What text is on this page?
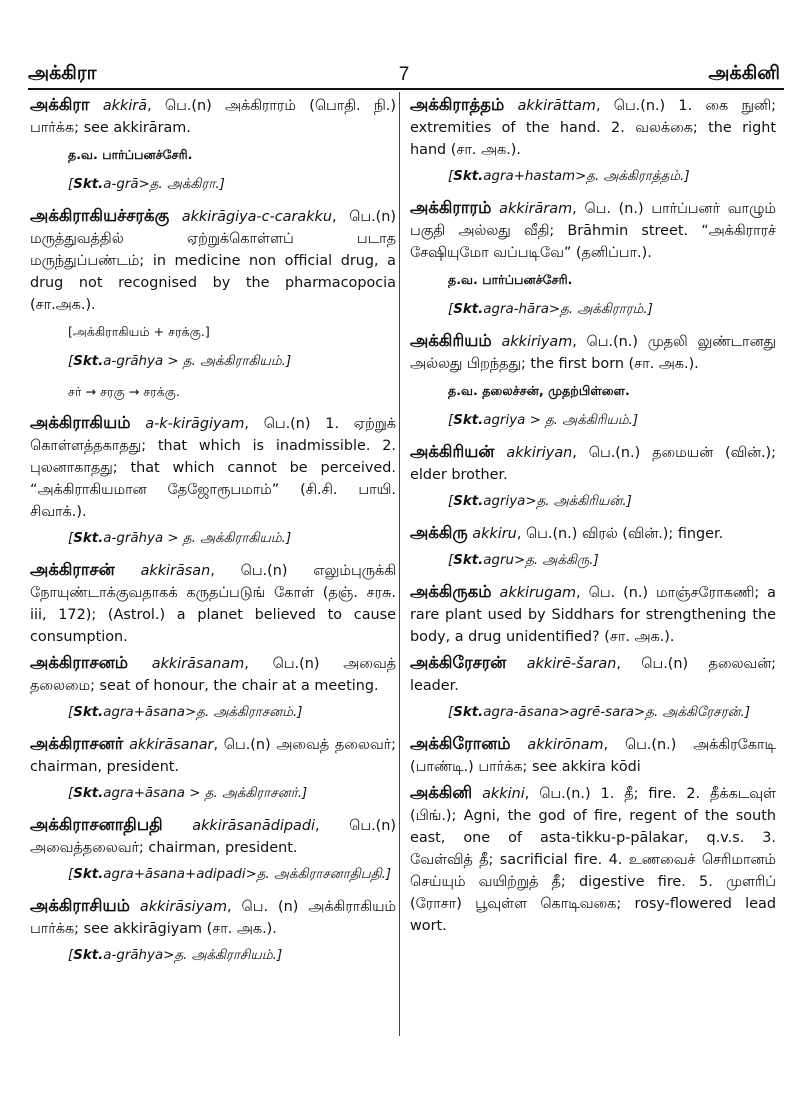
அக்கிரா	7	அக்கினி
அக்கிரா akkirā, பெ.(n) அக்கிராரம் (பொதி. நி.) பார்க்க; see akkirāram.
த.வ. பார்ப்பனச்சேரி.
[Skt.a-grā>த. அக்கிரா.]
அக்கிராகியச்சரக்கு akkirāgiya-c-carakku, பெ.(n) மருத்துவத்தில் ஏற்றுக்கொள்ளப் படாத மருந்துப்பண்டம்; in medicine non official drug, a drug not recognised by the pharmacopocia (சா.அக.).
[அக்கிராகியம் + சரக்கு.]
[Skt.a-grāhya > த. அக்கிராகியம்.]
சர் → சரகு → சரக்கு.
அக்கிராகியம் a-k-kirāgiyam, பெ.(n) 1. ஏற்றுக் கொள்ளத்தகாதது; that which is inadmissible. 2. புலனாகாதது; that which cannot be perceived. “அக்கிராகியமான தேஜோரூபமாம்” (சி.சி. பாயி. சிவாக்.).
[Skt.a-grāhya > த. அக்கிராகியம்.]
அக்கிராசன் akkirāsan, பெ.(n) எலும்புருக்கி நோயுண்டாக்குவதாகக் கருதப்படுங் கோள் (தஞ். சரசு. iii, 172); (Astrol.) a planet believed to cause consumption.
அக்கிராசனம் akkirāsanam, பெ.(n) அவைத் தலைமை; seat of honour, the chair at a meeting.
[Skt.agra+āsana>த. அக்கிராசனம்.]
அக்கிராசனர் akkirāsanar, பெ.(n) அவைத் தலைவர்; chairman, president.
[Skt.agra+āsana > த. அக்கிராசனர்.]
அக்கிராசனாதிபதி akkirāsanādipadi, பெ.(n) அவைத்தலைவர்; chairman, president.
[Skt.agra+āsana+adipadi>த. அக்கிராசனாதிபதி.]
அக்கிராசியம் akkirāsiyam, பெ. (n) அக்கிராகியம் பார்க்க; see akkirāgiyam (சா. அக.).
[Skt.a-grāhya>த. அக்கிராசியம்.]
அக்கிராத்தம் akkirāttam, பெ.(n.) 1. கை நுனி; extremities of the hand. 2. வலக்கை; the right hand (சா. அக.).
[Skt.agra+hastam>த. அக்கிராத்தம்.]
அக்கிராரம் akkirāram, பெ. (n.) பார்ப்பனர் வாழும் பகுதி அல்லது வீதி; Brāhmin street. “அக்கிராரச் சேஷியுமோ வப்படிவே” (தனிப்பா.).
த.வ. பார்ப்பனச்சேரி.
[Skt.agra-hāra>த. அக்கிராரம்.]
அக்கிரியம் akkiriyam, பெ.(n.) முதலி லுண்டானது அல்லது பிறந்தது; the first born (சா. அக.).
த.வ. தலைச்சன், முதற்பிள்ளை.
[Skt.agriya > த. அக்கிரியம்.]
அக்கிரியன் akkiriyan, பெ.(n.) தமையன் (வின்.); elder brother.
[Skt.agriya>த. அக்கிரியன்.]
அக்கிரு akkiru, பெ.(n.) விரல் (வின்.); finger.
[Skt.agru>த. அக்கிரு.]
அக்கிருகம் akkirugam, பெ. (n.) மாஞ்சரோகணி; a rare plant used by Siddhars for strengthening the body, a drug unidentified? (சா. அக.).
அக்கிரேசரன் akkirē-šaran, பெ.(n) தலைவன்; leader.
[Skt.agra-āsana>agrē-sara>த. அக்கிரேசரன்.]
அக்கிரோனம் akkirōnam, பெ.(n.) அக்கிரகோடி (பாண்டி.) பார்க்க; see akkira kōdi
அக்கினி akkini, பெ.(n.) 1. தீ; fire. 2. தீக்கடவுள் (பிங்.); Agni, the god of fire, regent of the south east, one of asta-tikku-p-pālakar, q.v.s. 3. வேள்வித் தீ; sacrificial fire. 4. உணவைச் செரிமானம் செய்யும் வயிற்றுத் தீ; digestive fire. 5. முளரிப் (ரோசா) பூவுள்ள கொடிவகை; rosy-flowered lead wort.
